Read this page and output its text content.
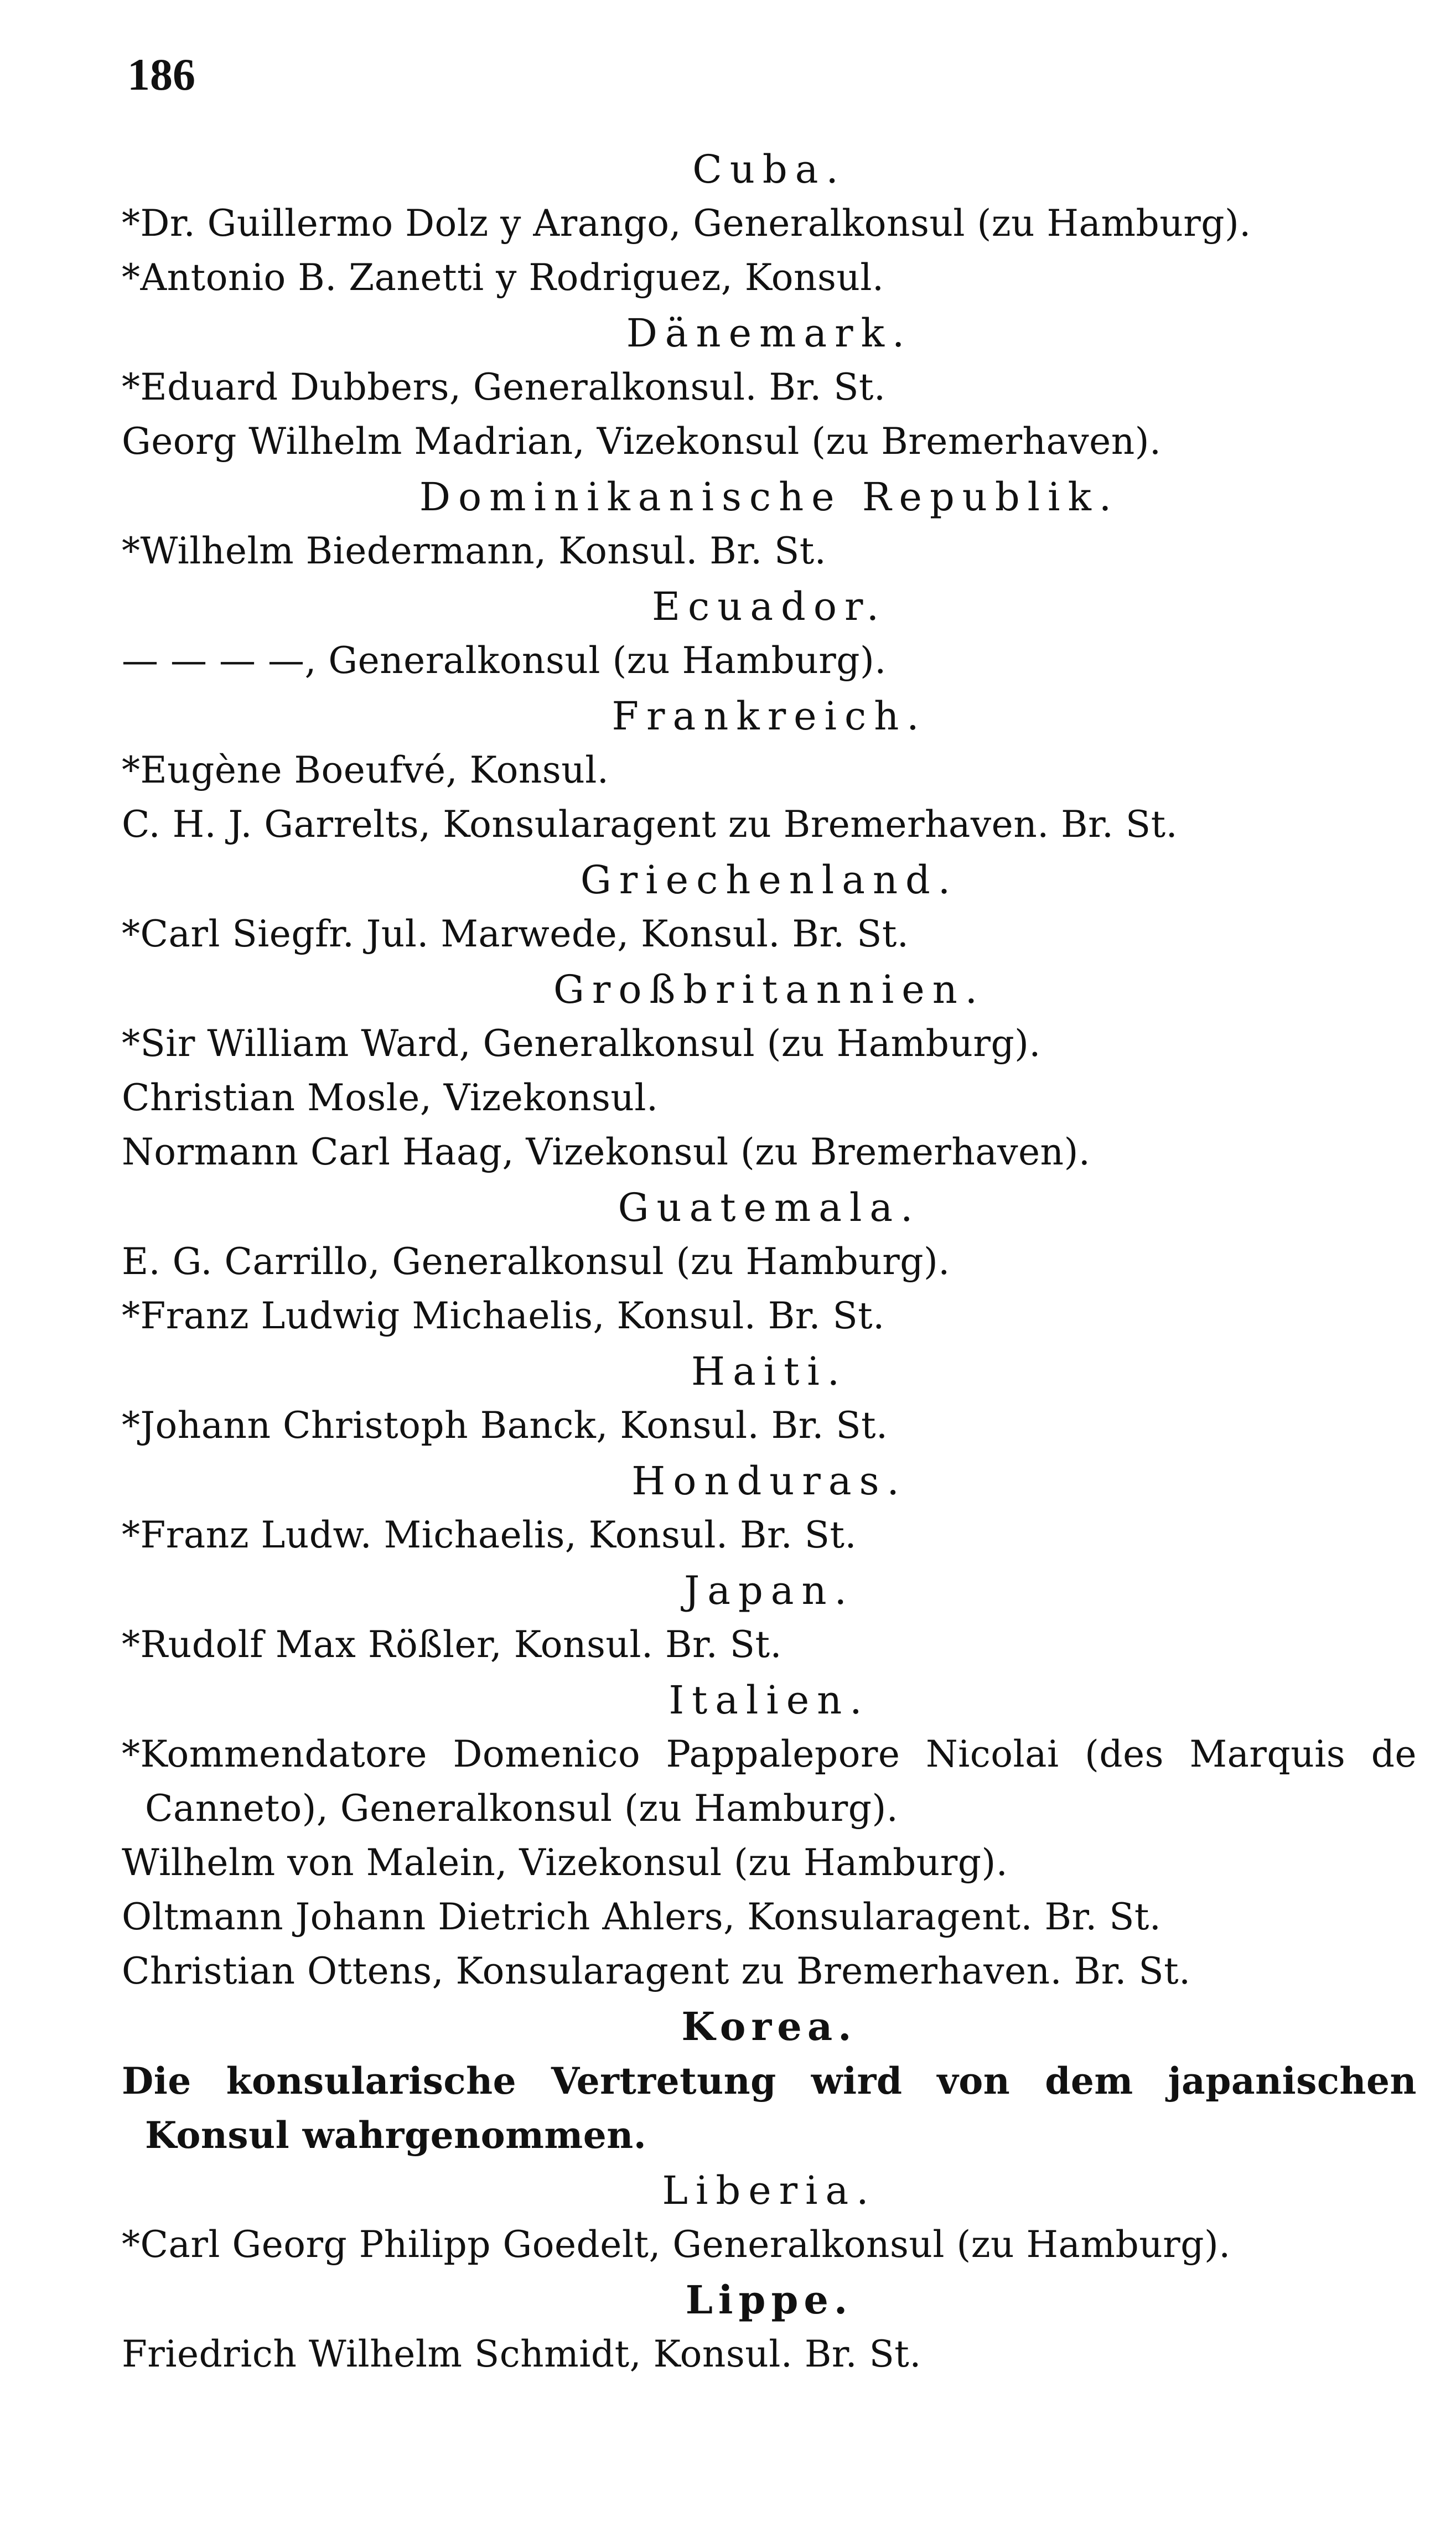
186
Cuba.
*Dr. Guillermo Dolz y Arango, Generalkonsul (zu Hamburg).
*Antonio B. Zanetti y Rodriguez, Konsul.
Dänemark.
*Eduard Dubbers, Generalkonsul. Br. St.
Georg Wilhelm Madrian, Vizekonsul (zu Bremerhaven).
Dominikanische Republik.
*Wilhelm Biedermann, Konsul. Br. St.
Ecuador.
— — — —, Generalkonsul (zu Hamburg).
Frankreich.
*Eugène Boeufvé, Konsul.
C. H. J. Garrelts, Konsularagent zu Bremerhaven. Br. St.
Griechenland.
*Carl Siegfr. Jul. Marwede, Konsul. Br. St.
Großbritannien.
*Sir William Ward, Generalkonsul (zu Hamburg).
Christian Mosle, Vizekonsul.
Normann Carl Haag, Vizekonsul (zu Bremerhaven).
Guatemala.
E. G. Carrillo, Generalkonsul (zu Hamburg).
*Franz Ludwig Michaelis, Konsul. Br. St.
Haiti.
*Johann Christoph Banck, Konsul. Br. St.
Honduras.
*Franz Ludw. Michaelis, Konsul. Br. St.
Japan.
*Rudolf Max Rößler, Konsul. Br. St.
Italien.
*Kommendatore Domenico Pappalepore Nicolai (des Marquis de Canneto), Generalkonsul (zu Hamburg).
Wilhelm von Malein, Vizekonsul (zu Hamburg).
Oltmann Johann Dietrich Ahlers, Konsularagent. Br. St.
Christian Ottens, Konsularagent zu Bremerhaven. Br. St.
Korea.
Die konsularische Vertretung wird von dem japanischen Konsul wahrgenommen.
Liberia.
*Carl Georg Philipp Goedelt, Generalkonsul (zu Hamburg).
Lippe.
Friedrich Wilhelm Schmidt, Konsul. Br. St.
